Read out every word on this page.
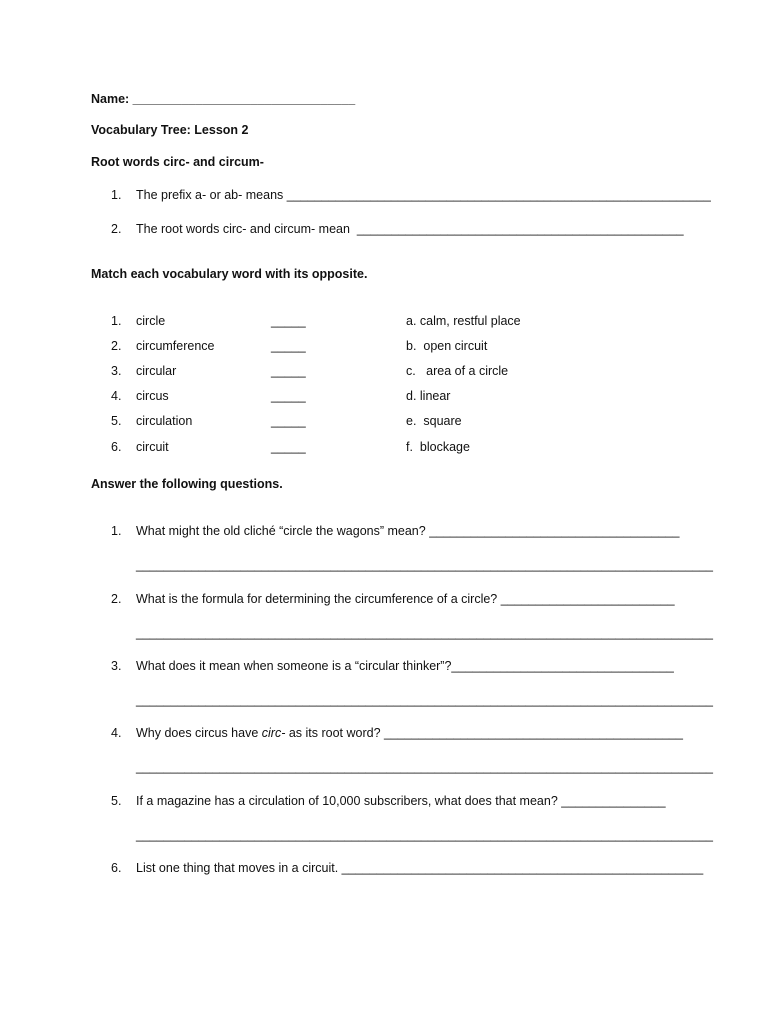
Name: ________________________________
Vocabulary Tree: Lesson 2
Root words circ- and circum-
1. The prefix a- or ab- means _____________________________________________________________
2. The root words circ- and circum- mean  _______________________________________________
Match each vocabulary word with its opposite.
1. circle	_____	a. calm, restful place
2. circumference	_____	b.  open circuit
3. circular	_____	c.   area of a circle
4. circus	_____	d. linear
5. circulation	_____	e.  square
6. circuit	_____	f.  blockage
Answer the following questions.
1. What might the old cliché “circle the wagons” mean? ____________________________________
___________________________________________________________________________________
2. What is the formula for determining the circumference of a circle? _________________________
___________________________________________________________________________________
3. What does it mean when someone is a “circular thinker”?________________________________
___________________________________________________________________________________
4. Why does circus have circ- as its root word? ___________________________________________
___________________________________________________________________________________
5. If a magazine has a circulation of 10,000 subscribers, what does that mean? _______________
___________________________________________________________________________________
6. List one thing that moves in a circuit. ____________________________________________________
